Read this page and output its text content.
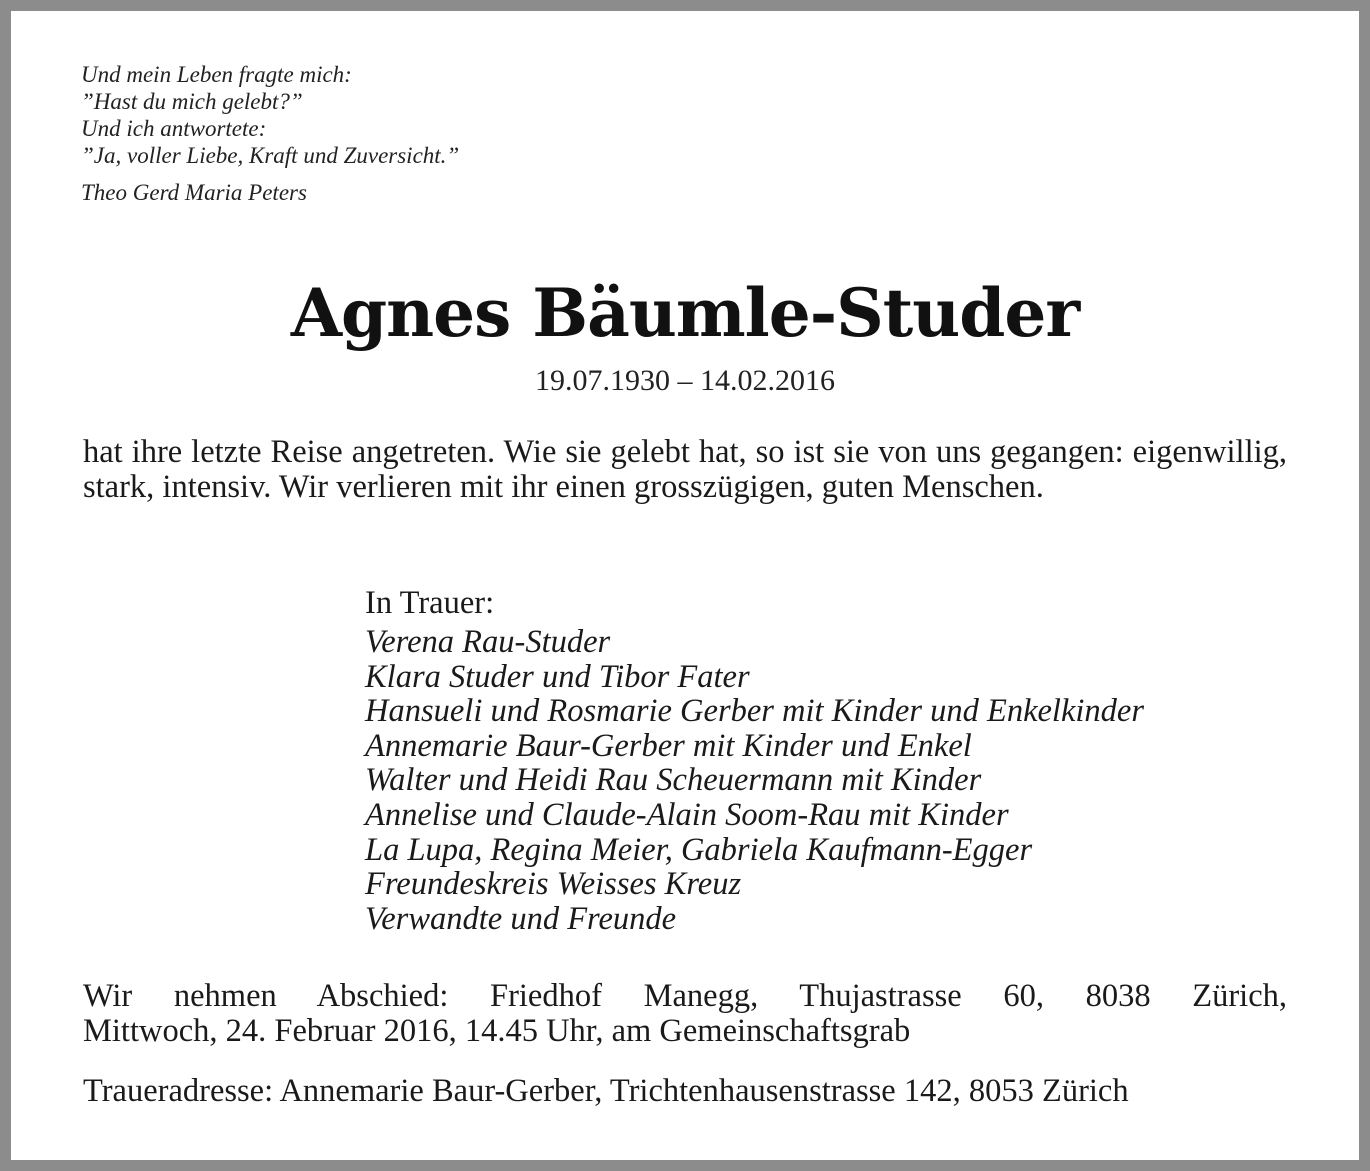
Und mein Leben fragte mich:
”Hast du mich gelebt?”
Und ich antwortete:
”Ja, voller Liebe, Kraft und Zuversicht.”
Theo Gerd Maria Peters
Agnes Bäumle-Studer
19.07.1930 – 14.02.2016
hat ihre letzte Reise angetreten. Wie sie gelebt hat, so ist sie von uns gegangen: eigenwillig, stark, intensiv. Wir verlieren mit ihr einen grosszügigen, guten Menschen.
In Trauer:
Verena Rau-Studer
Klara Studer und Tibor Fater
Hansueli und Rosmarie Gerber mit Kinder und Enkelkinder
Annemarie Baur-Gerber mit Kinder und Enkel
Walter und Heidi Rau Scheuermann mit Kinder
Annelise und Claude-Alain Soom-Rau mit Kinder
La Lupa, Regina Meier, Gabriela Kaufmann-Egger
Freundeskreis Weisses Kreuz
Verwandte und Freunde
Wir nehmen Abschied: Friedhof Manegg, Thujastrasse 60, 8038 Zürich,
Mittwoch, 24. Februar 2016, 14.45 Uhr, am Gemeinschaftsgrab
Traueradresse: Annemarie Baur-Gerber, Trichtenhausenstrasse 142, 8053 Zürich
